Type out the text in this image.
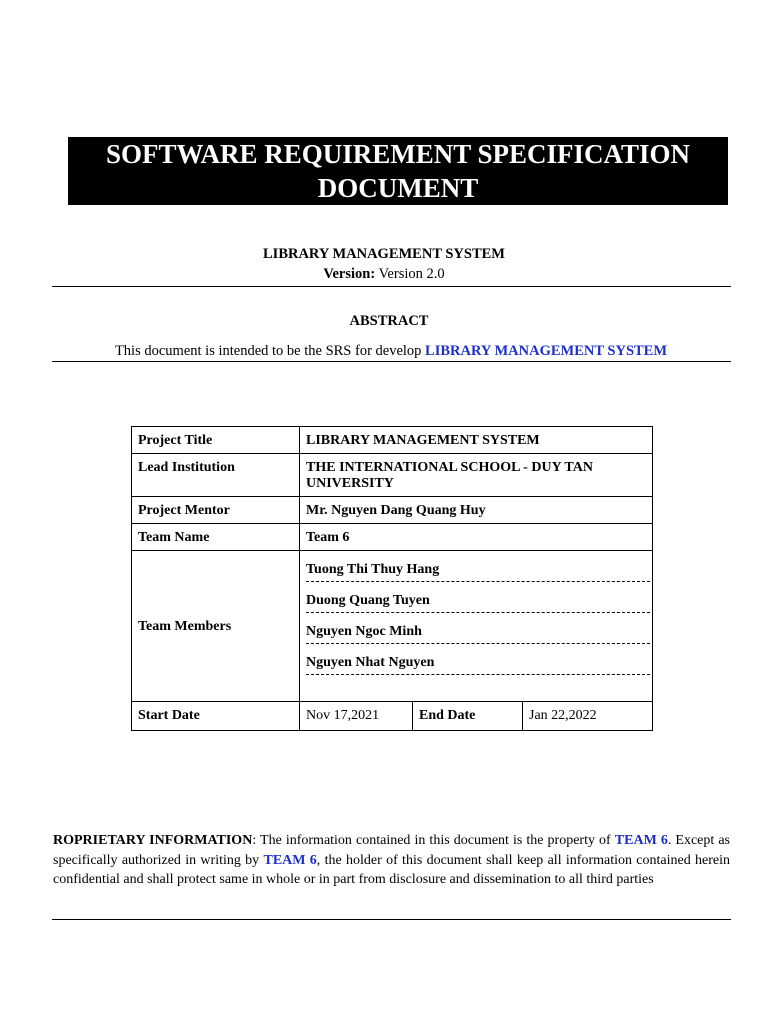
SOFTWARE REQUIREMENT SPECIFICATION
DOCUMENT
LIBRARY MANAGEMENT SYSTEM
Version: Version 2.0
ABSTRACT
This document is intended to be the SRS for develop LIBRARY MANAGEMENT SYSTEM
Project Title	LIBRARY MANAGEMENT SYSTEM		
Lead Institution	THE INTERNATIONAL SCHOOL - DUY TAN UNIVERSITY		
Project Mentor	Mr. Nguyen Dang Quang Huy		
Team Name	Team 6		
Team Members	Tuong Thi Thuy Hang
Duong Quang Tuyen
Nguyen Ngoc Minh
Nguyen Nhat Nguyen		

Start Date	Nov 17,2021	End Date	Jan 22,2022
ROPRIETARY INFORMATION: The information contained in this document is the property of TEAM 6. Except as specifically authorized in writing by TEAM 6, the holder of this document shall keep all information contained herein confidential and shall protect same in whole or in part from disclosure and dissemination to all third parties
